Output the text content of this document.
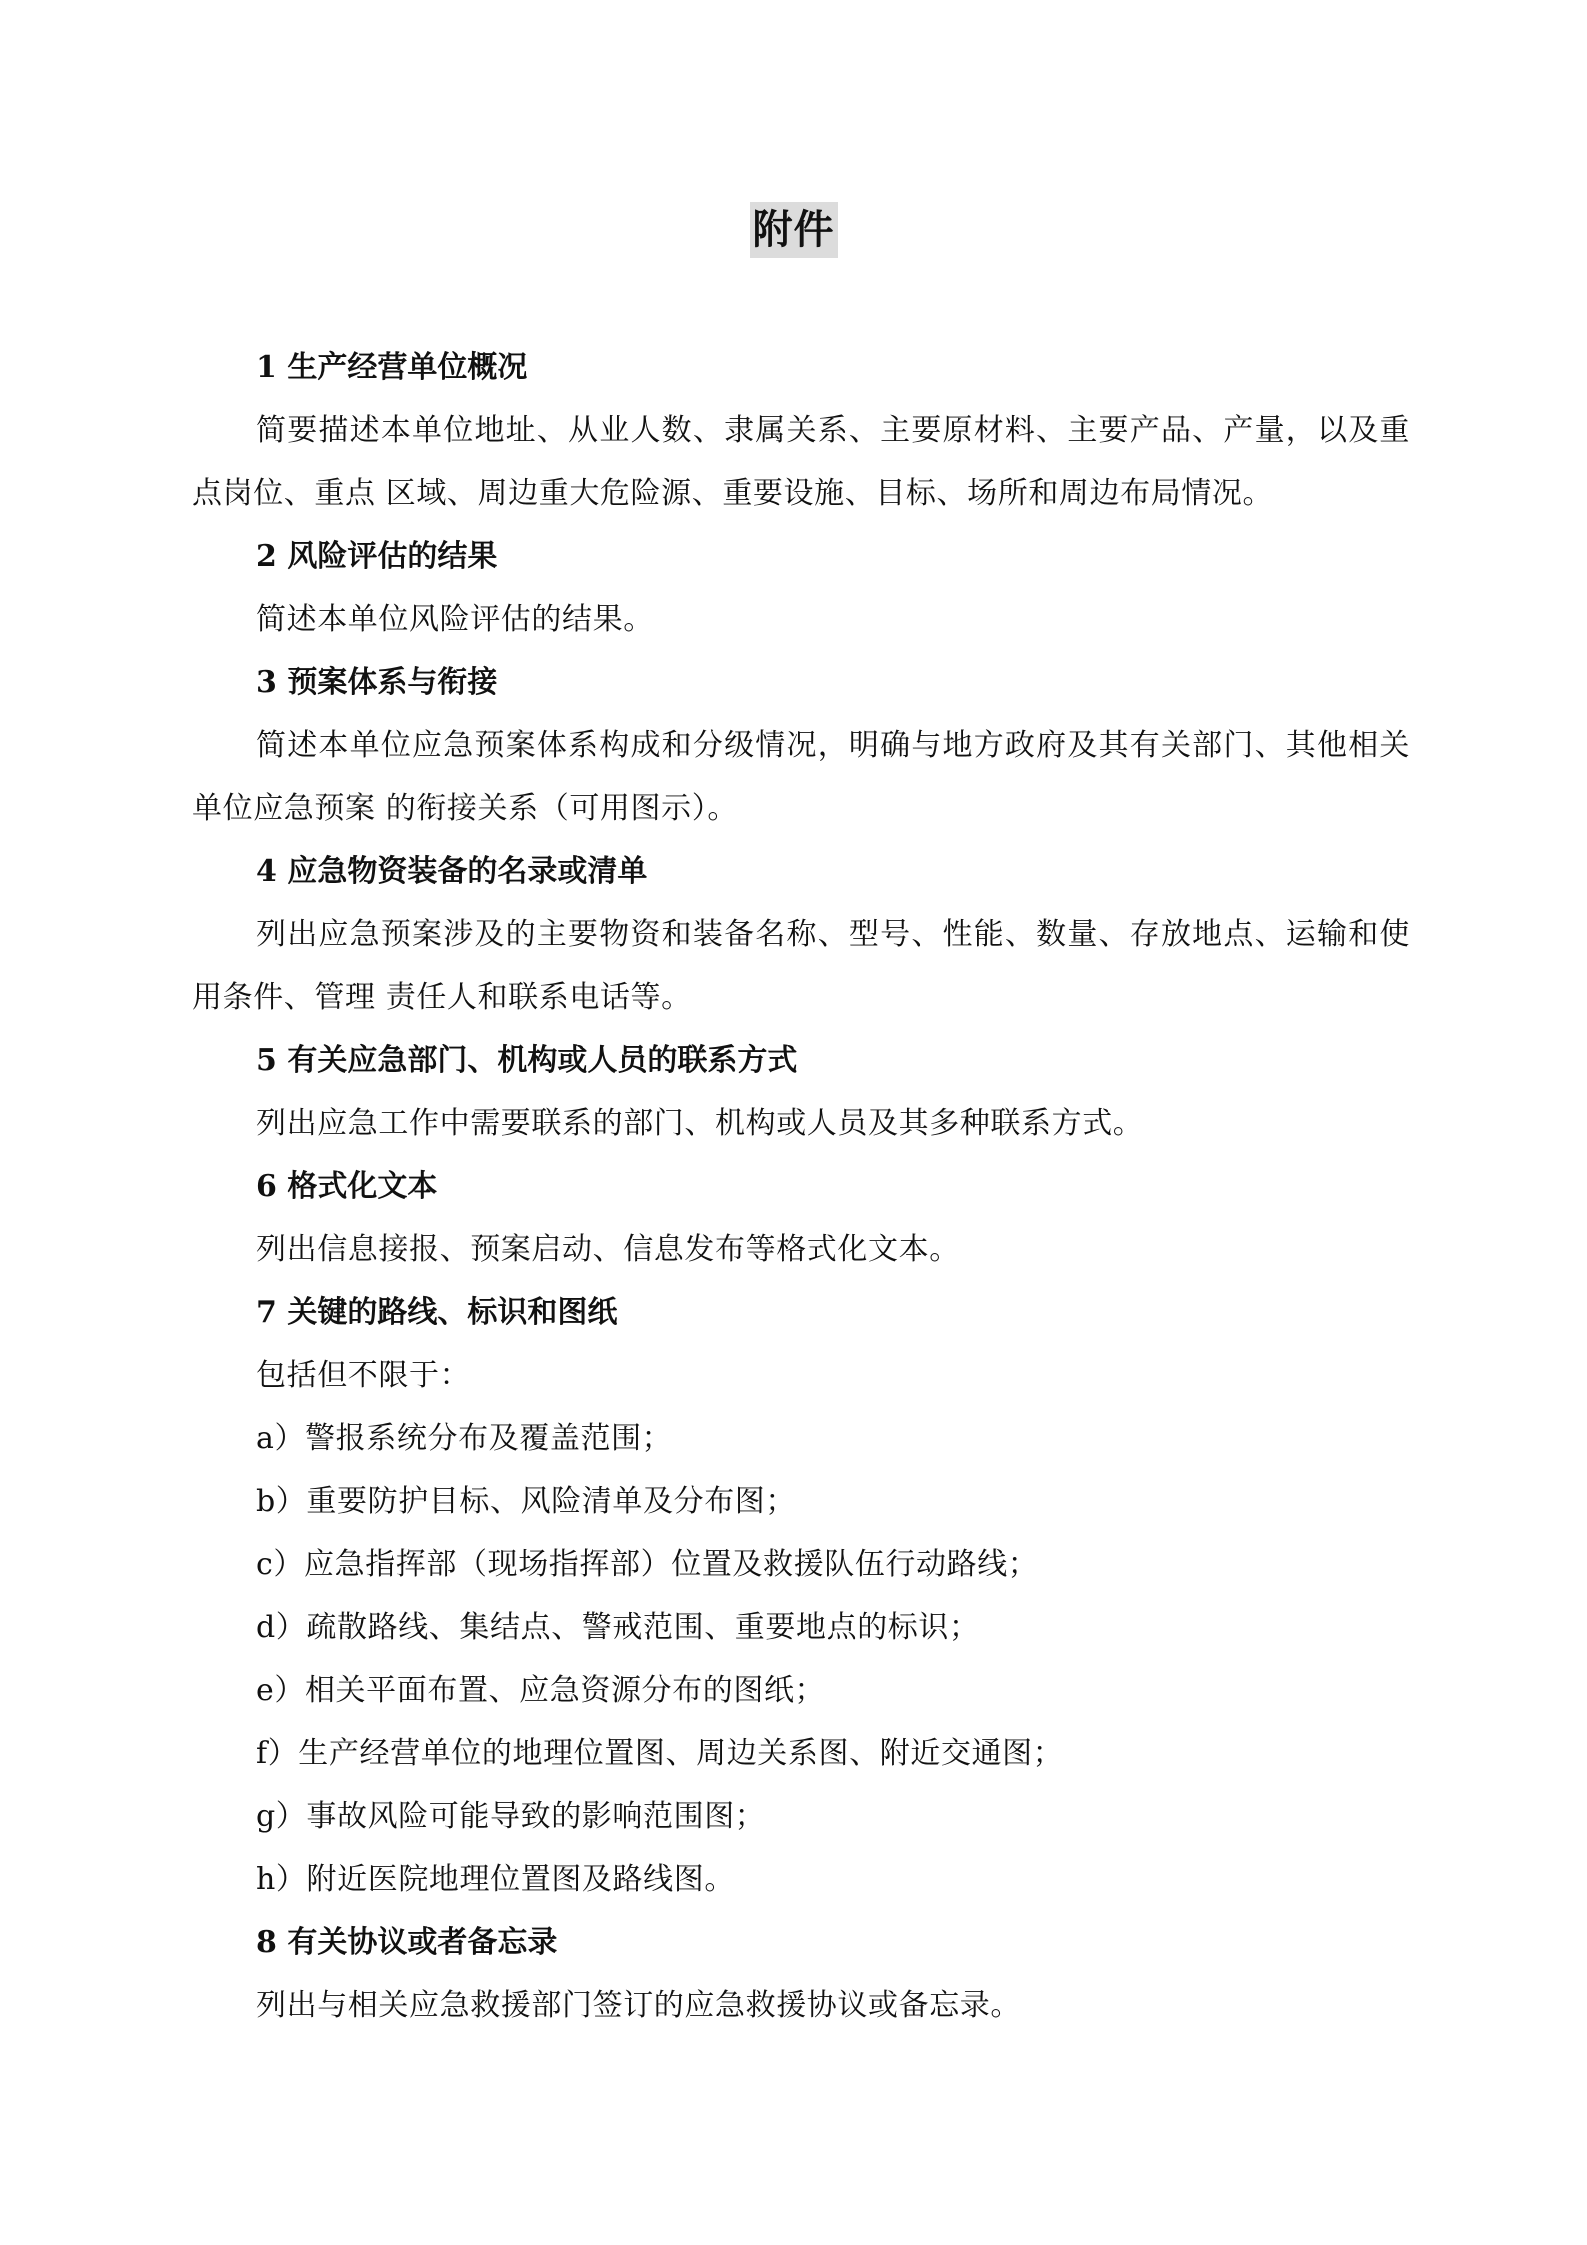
附件

1 生产经营单位概况

简要描述本单位地址、从业人数、隶属关系、主要原材料、主要产品、产量，以及重点岗位、重点 区域、周边重大危险源、重要设施、目标、场所和周边布局情况。

2 风险评估的结果

简述本单位风险评估的结果。

3 预案体系与衔接

简述本单位应急预案体系构成和分级情况，明确与地方政府及其有关部门、其他相关单位应急预案 的衔接关系（可用图示）。

4 应急物资装备的名录或清单

列出应急预案涉及的主要物资和装备名称、型号、性能、数量、存放地点、运输和使用条件、管理 责任人和联系电话等。

5 有关应急部门、机构或人员的联系方式

列出应急工作中需要联系的部门、机构或人员及其多种联系方式。

6 格式化文本

列出信息接报、预案启动、信息发布等格式化文本。

7 关键的路线、标识和图纸

包括但不限于：

a）警报系统分布及覆盖范围；

b）重要防护目标、风险清单及分布图；

c）应急指挥部（现场指挥部）位置及救援队伍行动路线；

d）疏散路线、集结点、警戒范围、重要地点的标识；

e）相关平面布置、应急资源分布的图纸；

f）生产经营单位的地理位置图、周边关系图、附近交通图；

g）事故风险可能导致的影响范围图；

h）附近医院地理位置图及路线图。

8 有关协议或者备忘录

列出与相关应急救援部门签订的应急救援协议或备忘录。
